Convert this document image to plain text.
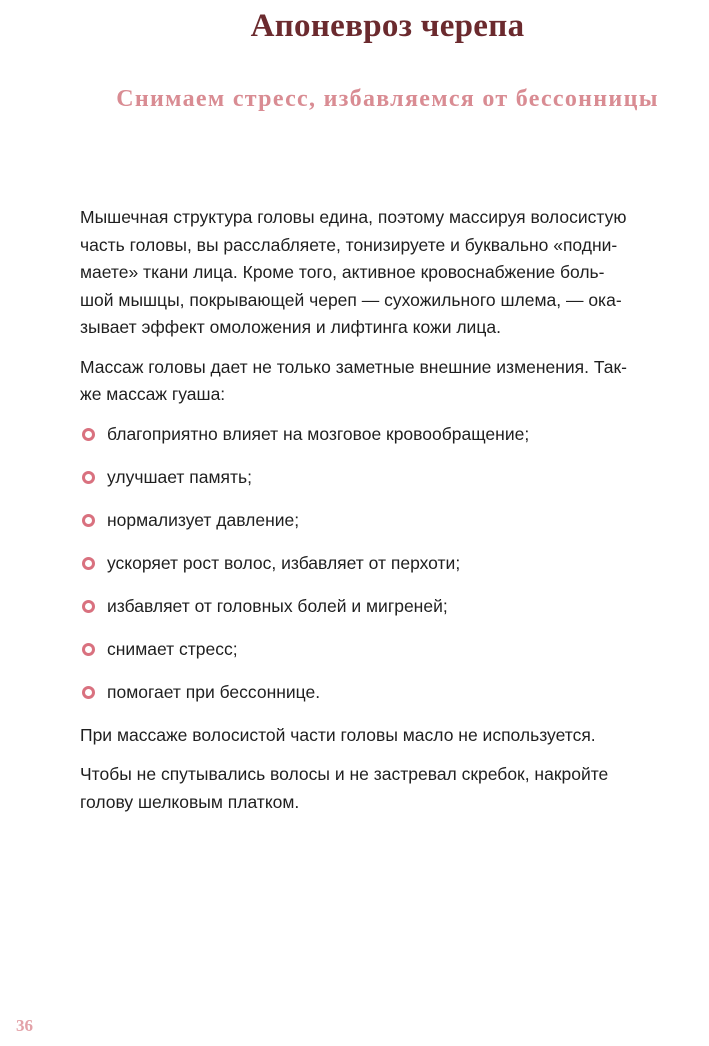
Апоневроз черепа
Снимаем стресс, избавляемся от бессонницы

Мышечная структура головы едина, поэтому массируя волосистую
часть головы, вы расслабляете, тонизируете и буквально «подни-
маете» ткани лица. Кроме того, активное кровоснабжение боль-
шой мышцы, покрывающей череп — сухожильного шлема, — ока-
зывает эффект омоложения и лифтинга кожи лица.

Массаж головы дает не только заметные внешние изменения. Так-
же массаж гуаша:

благоприятно влияет на мозговое кровообращение;
улучшает память;
нормализует давление;
ускоряет рост волос, избавляет от перхоти;
избавляет от головных болей и мигреней;
снимает стресс;
помогает при бессоннице.

При массаже волосистой части головы масло не используется.

Чтобы не спутывались волосы и не застревал скребок, накройте
голову шелковым платком.

36
